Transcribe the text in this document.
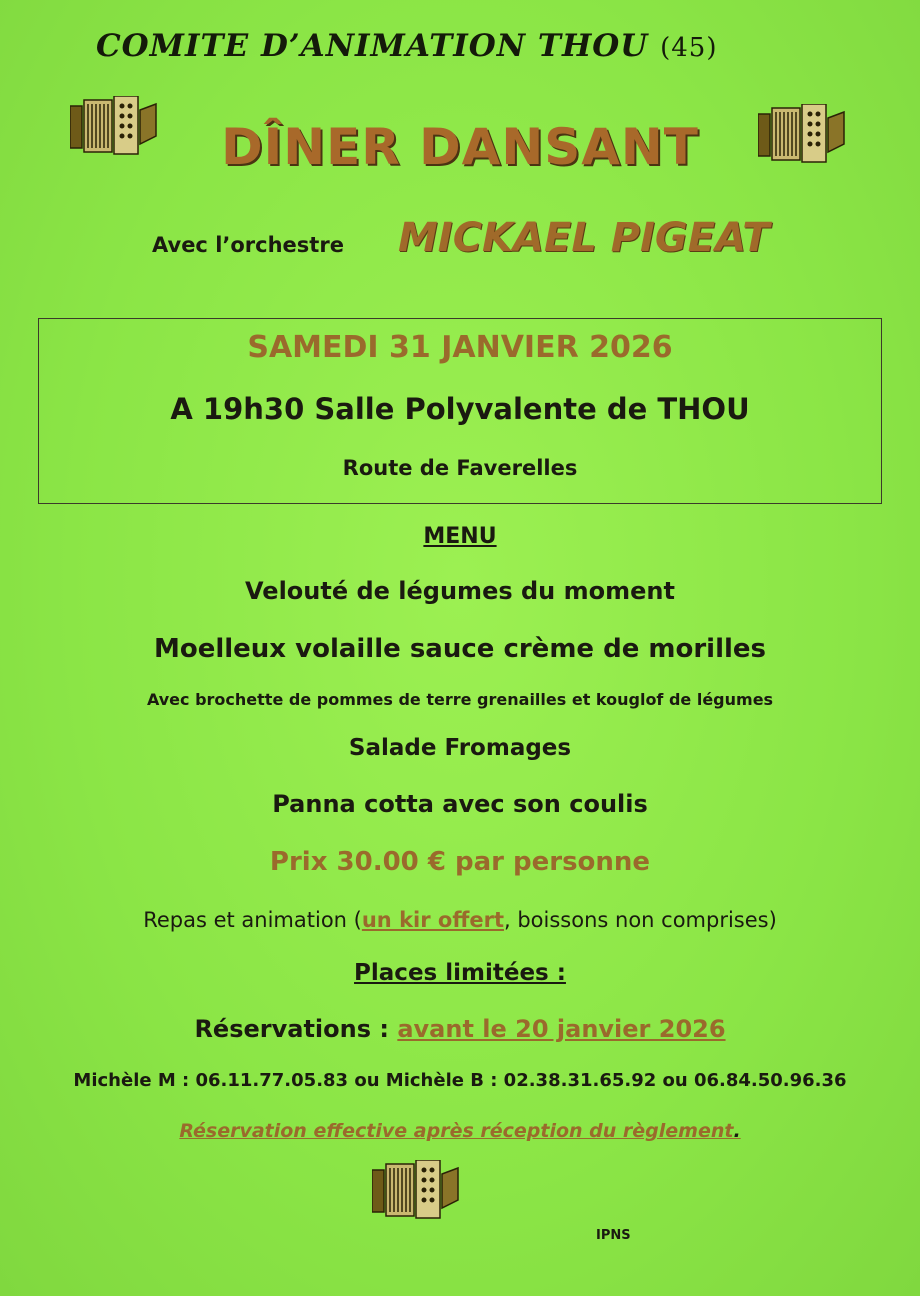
COMITE D’ANIMATION THOU (45)
DÎNER DANSANT
Avec l’orchestre MICKAEL PIGEAT
SAMEDI 31 JANVIER 2026
A 19h30 Salle Polyvalente de THOU
Route de Faverelles
MENU
Velouté de légumes du moment
Moelleux volaille sauce crème de morilles
Avec brochette de pommes de terre grenailles et kouglof de légumes
Salade Fromages
Panna cotta avec son coulis
Prix 30.00 € par personne
Repas et animation (un kir offert, boissons non comprises)
Places limitées :
Réservations : avant le 20 janvier 2026
Michèle M : 06.11.77.05.83 ou Michèle B : 02.38.31.65.92 ou 06.84.50.96.36
Réservation effective après réception du règlement.
IPNS
